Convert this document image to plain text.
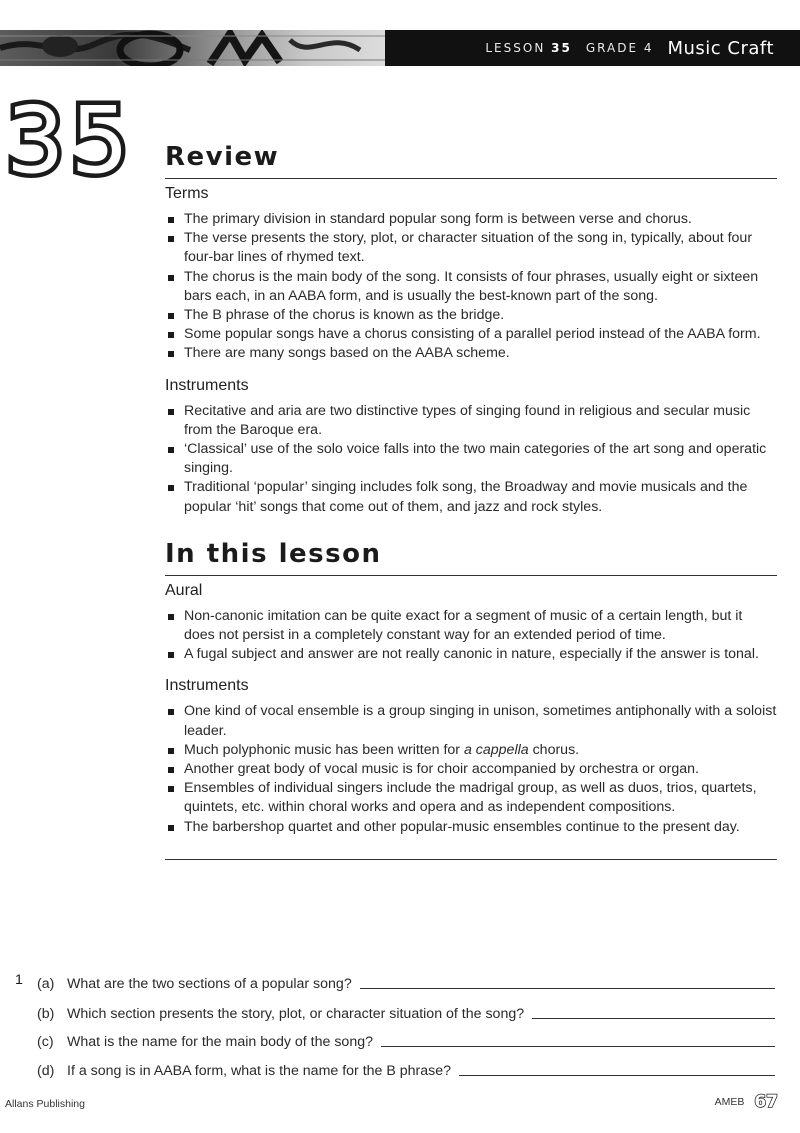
LESSON 35 GRADE 4 Music Craft
35 Review
Terms
The primary division in standard popular song form is between verse and chorus.
The verse presents the story, plot, or character situation of the song in, typically, about four four-bar lines of rhymed text.
The chorus is the main body of the song. It consists of four phrases, usually eight or sixteen bars each, in an AABA form, and is usually the best-known part of the song.
The B phrase of the chorus is known as the bridge.
Some popular songs have a chorus consisting of a parallel period instead of the AABA form.
There are many songs based on the AABA scheme.
Instruments
Recitative and aria are two distinctive types of singing found in religious and secular music from the Baroque era.
‘Classical’ use of the solo voice falls into the two main categories of the art song and operatic singing.
Traditional ‘popular’ singing includes folk song, the Broadway and movie musicals and the popular ‘hit’ songs that come out of them, and jazz and rock styles.
In this lesson
Aural
Non-canonic imitation can be quite exact for a segment of music of a certain length, but it does not persist in a completely constant way for an extended period of time.
A fugal subject and answer are not really canonic in nature, especially if the answer is tonal.
Instruments
One kind of vocal ensemble is a group singing in unison, sometimes antiphonally with a soloist leader.
Much polyphonic music has been written for a cappella chorus.
Another great body of vocal music is for choir accompanied by orchestra or organ.
Ensembles of individual singers include the madrigal group, as well as duos, trios, quartets, quintets, etc. within choral works and opera and as independent compositions.
The barbershop quartet and other popular-music ensembles continue to the present day.
1 (a) What are the two sections of a popular song?
(b) Which section presents the story, plot, or character situation of the song?
(c) What is the name for the main body of the song?
(d) If a song is in AABA form, what is the name for the B phrase?
Allans Publishing	AMEB 67
